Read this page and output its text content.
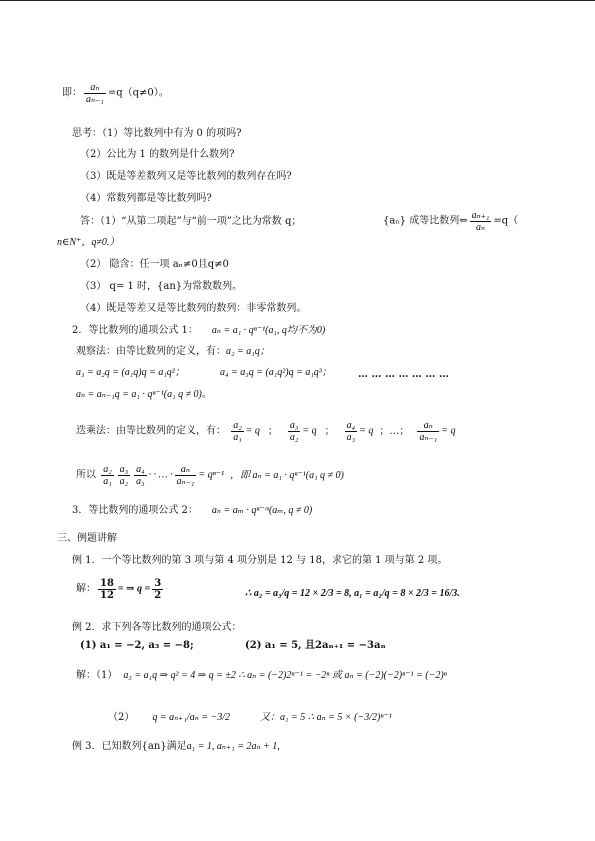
即： $\frac{\text{aₙ}}{\text{aₙ₋₁}} =q(q\ne 0)$。
思考：（1）等比数列中有为 0 的项吗?
（2）公比为 1 的数列是什么数列?
（3）既是等差数列又是等比数列的数列存在吗?
（4）常数列都是等比数列吗?
答：（1）“从第二项起”与“前一项”之比为常数 q；	{aₙ} 成等比数列⇔ $\frac{\text{aₙ₊₁}}{\text{aₙ}} =q$（
n∈N⁺，q≠0.）
（2） 隐含：任一项 aₙ≠0且q≠0
（3） q= 1 时，{an}为常数数列。
（4）既是等差又是等比数列的数列：非零常数列。
2．等比数列的通项公式 1： aₙ = a₁ · qⁿ⁻¹(a₁, q均不为0)
观察法：由等比数列的定义，有：a₂ = a₁q；
a₃ = a₂q = (a₁q)q = a₁q²；	a₄ = a₃q = (a₁q²)q = a₁q³；	… … … … … … …
aₙ = aₙ₋₁q = a₁ · qⁿ⁻¹(a₁ q ≠ 0)。
迭乘法：由等比数列的定义，有： $\frac{\text{a₂}}{\text{a₁}} = q$ ； $\frac{\text{a₃}}{\text{a₂}} = q$ ； $\frac{\text{a₄}}{\text{a₃}} = q$ ；…； $\frac{\text{aₙ}}{\text{aₙ₋₁}} = q$
所以 $\frac{\text{a₂}}{\text{a₁}} \frac{\text{a₃}}{\text{a₂}} \frac{\text{a₄}}{\text{a₃}}$ · · … · $\frac{\text{aₙ}}{\text{aₙ₋₁}} = q^{n-1}$ ，即 aₙ = a₁ · qⁿ⁻¹(a₁ q ≠ 0)
3．等比数列的通项公式 2： aₙ = aₘ · qⁿ⁻ᵐ(aₘ, q ≠ 0)
三、例题讲解
例 1．一个等比数列的第 3 项与第 4 项分别是 12 与 18，求它的第 1 项与第 2 项。
解： $\frac{18}{12}$ = ⇒ $q = \frac{3}{2}$	∴ a₂ = a₃/q = 12 × 2/3 = 8, a₁ = a₂/q = 8 × 2/3 = 16/3.
例 2．求下列各等比数列的通项公式：
(1) a₁ = −2, a₃ = −8;	(2) a₁ = 5, 且2aₙ₊₁ = −3aₙ
解：（1） a₃ = a₁q ⇒ q² = 4 ⇒ q = ±2 ∴ aₙ = (−2)2ⁿ⁻¹ = −2ⁿ 或 aₙ = (−2)(−2)ⁿ⁻¹ = (−2)ⁿ
（2） q = aₙ₊₁/aₙ = −3/2	又：a₁ = 5 ∴ aₙ = 5 × (−3/2)ⁿ⁻¹
例 3．已知数列{an}满足a₁ = 1, aₙ₊₁ = 2aₙ + 1,
